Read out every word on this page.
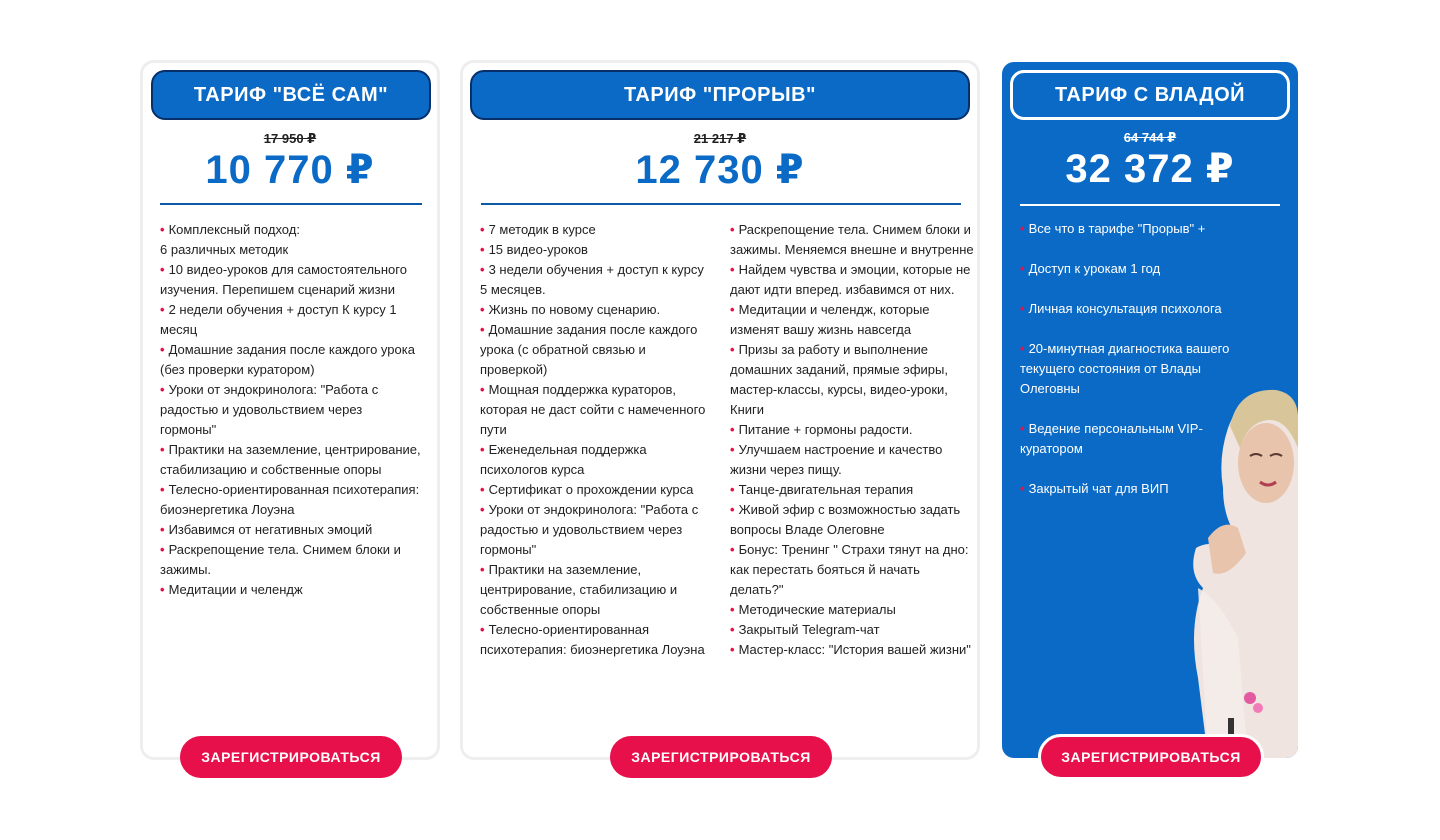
ТАРИФ "ВСЁ САМ"
17 950 ₽
10 770 ₽
• Комплексный подход:
6 различных методик
• 10 видео-уроков для самостоятельного изучения. Перепишем сценарий жизни
• 2 недели обучения + доступ К курсу 1 месяц
• Домашние задания после каждого урока (без проверки куратором)
• Уроки от эндокринолога: "Работа с радостью и удовольствием через гормоны"
• Практики на заземление, центрирование, стабилизацию и собственные опоры
• Телесно-ориентированная психотерапия: биоэнергетика Лоуэна
• Избавимся от негативных эмоций
• Раскрепощение тела. Снимем блоки и зажимы.
• Медитации и челендж
ТАРИФ "ПРОРЫВ"
21 217 ₽
12 730 ₽
• 7 методик в курсе
• 15 видео-уроков
• 3 недели обучения + доступ к курсу 5 месяцев.
• Жизнь по новому сценарию.
• Домашние задания после каждого урока (с обратной связью и проверкой)
• Мощная поддержка кураторов, которая не даст сойти с намеченного пути
• Еженедельная поддержка психологов курса
• Сертификат о прохождении курса
• Уроки от эндокринолога: "Работа с радостью и удовольствием через гормоны"
• Практики на заземление, центрирование, стабилизацию и собственные опоры
• Телесно-ориентированная психотерапия: биоэнергетика Лоуэна
• Раскрепощение тела. Снимем блоки и зажимы. Меняемся внешне и внутренне
• Найдем чувства и эмоции, которые не дают идти вперед. избавимся от них.
• Медитации и челендж, которые изменят вашу жизнь навсегда
• Призы за работу и выполнение домашних заданий, прямые эфиры, мастер-классы, курсы, видео-уроки, Книги
• Питание + гормоны радости.
• Улучшаем настроение и качество жизни через пищу.
• Танце-двигательная терапия
• Живой эфир с возможностью задать вопросы Владе Олеговне
• Бонус: Тренинг " Страхи тянут на дно: как перестать бояться й начать делать?"
• Методические материалы
• Закрытый Telegram-чат
• Мастер-класс: "История вашей жизни"
ТАРИФ С ВЛАДОЙ
64 744 ₽
32 372 ₽
• Все что в тарифе "Прорыв" +
• Доступ к урокам 1 год
• Личная консультация психолога
• 20-минутная диагностика вашего текущего состояния от Влады Олеговны
• Ведение персональным VIP-куратором
• Закрытый чат для ВИП
ЗАРЕГИСТРИРОВАТЬСЯ	ЗАРЕГИСТРИРОВАТЬСЯ	ЗАРЕГИСТРИРОВАТЬСЯ
